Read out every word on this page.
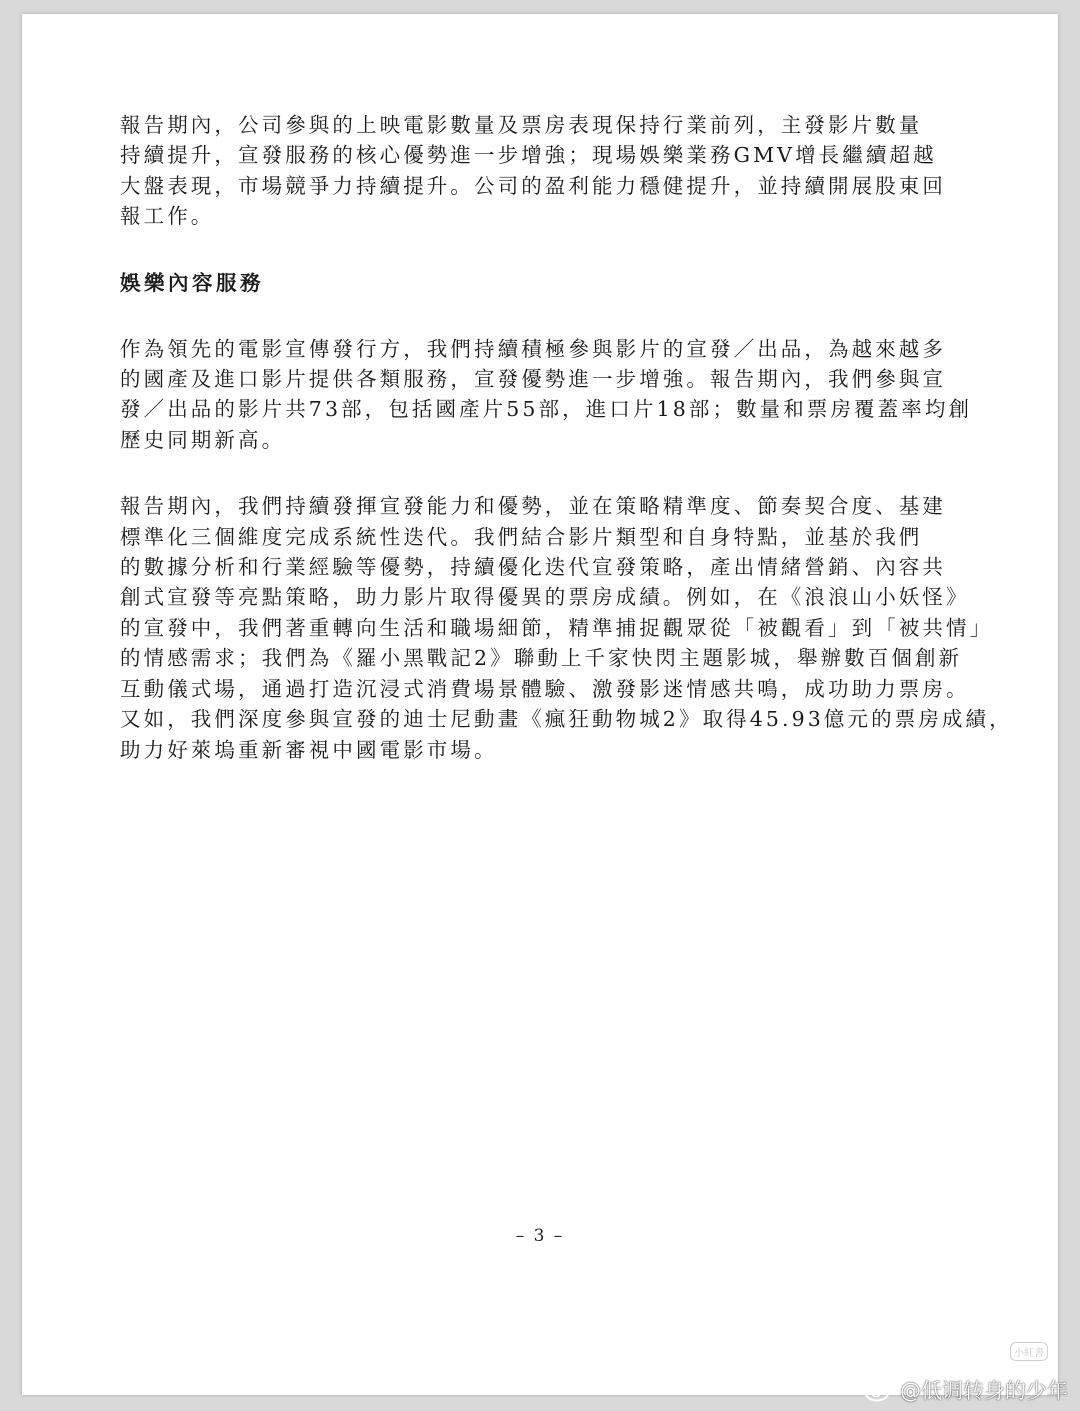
報告期內，公司參與的上映電影數量及票房表現保持行業前列，主發影片數量
持續提升，宣發服務的核心優勢進一步增強；現場娛樂業務GMV增長繼續超越
大盤表現，市場競爭力持續提升。公司的盈利能力穩健提升，並持續開展股東回
報工作。

娛樂內容服務

作為領先的電影宣傳發行方，我們持續積極參與影片的宣發／出品，為越來越多
的國產及進口影片提供各類服務，宣發優勢進一步增強。報告期內，我們參與宣
發／出品的影片共73部，包括國產片55部，進口片18部；數量和票房覆蓋率均創
歷史同期新高。

報告期內，我們持續發揮宣發能力和優勢，並在策略精準度、節奏契合度、基建
標準化三個維度完成系統性迭代。我們結合影片類型和自身特點，並基於我們
的數據分析和行業經驗等優勢，持續優化迭代宣發策略，產出情緒營銷、內容共
創式宣發等亮點策略，助力影片取得優異的票房成績。例如，在《浪浪山小妖怪》
的宣發中，我們著重轉向生活和職場細節，精準捕捉觀眾從「被觀看」到「被共情」
的情感需求；我們為《羅小黑戰記2》聯動上千家快閃主題影城，舉辦數百個創新
互動儀式場，通過打造沉浸式消費場景體驗、激發影迷情感共鳴，成功助力票房。
又如，我們深度參與宣發的迪士尼動畫《瘋狂動物城2》取得45.93億元的票房成績，
助力好萊塢重新審視中國電影市場。

– 3 –
小紅書
@低调转身的少年
